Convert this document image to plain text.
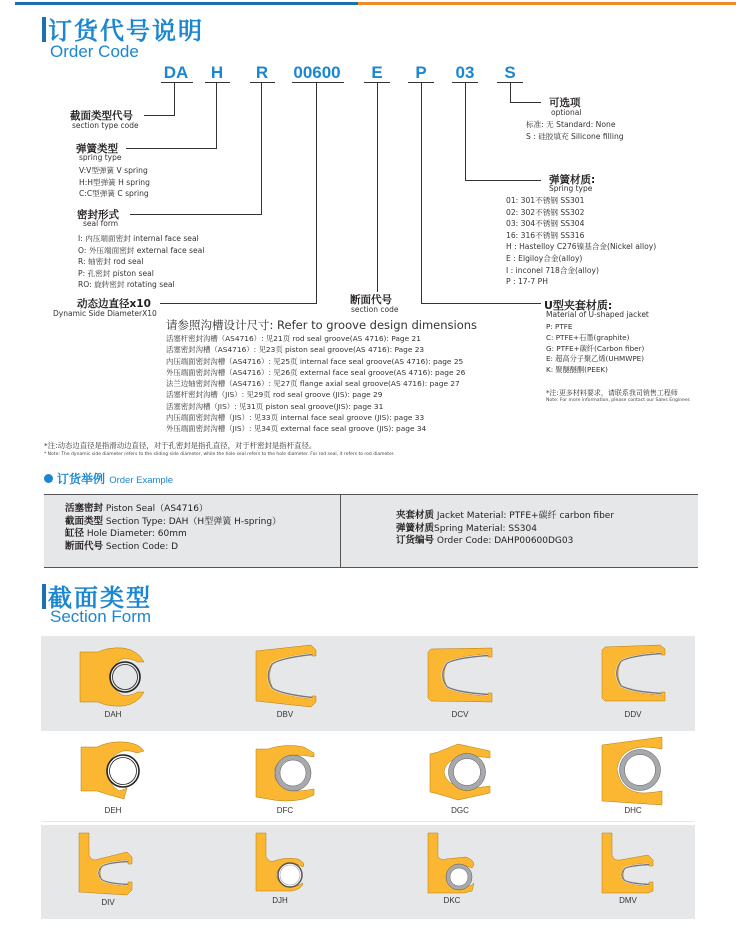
订货代号说明
Order Code
DA	H	R	00600	E	P	03	S
截面类型代号
section type code
弹簧类型
spring type
V:V型弹簧 V spring
H:H型弹簧 H spring
C:C型弹簧 C spring
密封形式
seal form
I: 内压端面密封 internal face seal
O: 外压端面密封 external face seal
R: 轴密封 rod seal
P: 孔密封 piston seal
RO: 旋转密封 rotating seal
动态边直径x10
Dynamic Side DiameterX10
断面代号
section code
请参照沟槽设计尺寸: Refer to groove design dimensions
活塞杆密封沟槽（AS4716）: 见21页 rod seal groove(AS 4716): Page 21
活塞密封沟槽（AS4716）: 见23页 piston seal groove(AS 4716): Page 23
内压端面密封沟槽（AS4716）: 见25页 internal face seal groove(AS 4716): page 25
外压端面密封沟槽（AS4716）: 见26页 external face seal groove(AS 4716): page 26
法兰边轴密封沟槽（AS4716）: 见27页 flange axial seal groove(AS 4716): page 27
活塞杆密封沟槽（JIS）: 见29页 rod seal groove (JIS): page 29
活塞密封沟槽（JIS）: 见31页 piston seal groove(JIS): page 31
内压端面密封沟槽（JIS）: 见33页 internal face seal groove (JIS): page 33
外压端面密封沟槽（JIS）: 见34页 external face seal groove (JIS): page 34
可选项
optional
标准: 无 Standard: None
S : 硅胶填充 Silicone filling
弹簧材质:
Spring type
01: 301不锈钢 SS301
02: 302不锈钢 SS302
03: 304不锈钢 SS304
16: 316不锈钢 SS316
H : Hastelloy C276镍基合金(Nickel alloy)
E : Elgiloy合金(alloy)
I : inconel 718合金(alloy)
P : 17-7 PH
U型夹套材质:
Material of U-shaped jacket
P: PTFE
C: PTFE+石墨(graphite)
G: PTFE+碳纤(Carbon fiber)
E: 超高分子聚乙烯(UHMWPE)
K: 聚醚醚酮(PEEK)
*注:更多材料要求，请联系我司销售工程师
Note: For more information, please contact our Sales Engineer.
*注:动态边直径是指滑动边直径，对于孔密封是指孔直径，对于杆密封是指杆直径。
* Note: The dynamic side diameter refers to the sliding side diameter, while the hole seal refers to the hole diameter. For rod seal, it refers to rod diameter.
订货举例 Order Example
活塞密封 Piston Seal（AS4716）
截面类型 Section Type: DAH（H型弹簧 H-spring）
缸径 Hole Diameter: 60mm
断面代号 Section Code: D
夹套材质 Jacket Material: PTFE+碳纤 carbon fiber
弹簧材质Spring Material: SS304
订货编号 Order Code: DAHP00600DG03
截面类型
Section Form
DAH	DBV	DCV	DDV
DEH	DFC	DGC	DHC
DIV	DJH	DKC	DMV
